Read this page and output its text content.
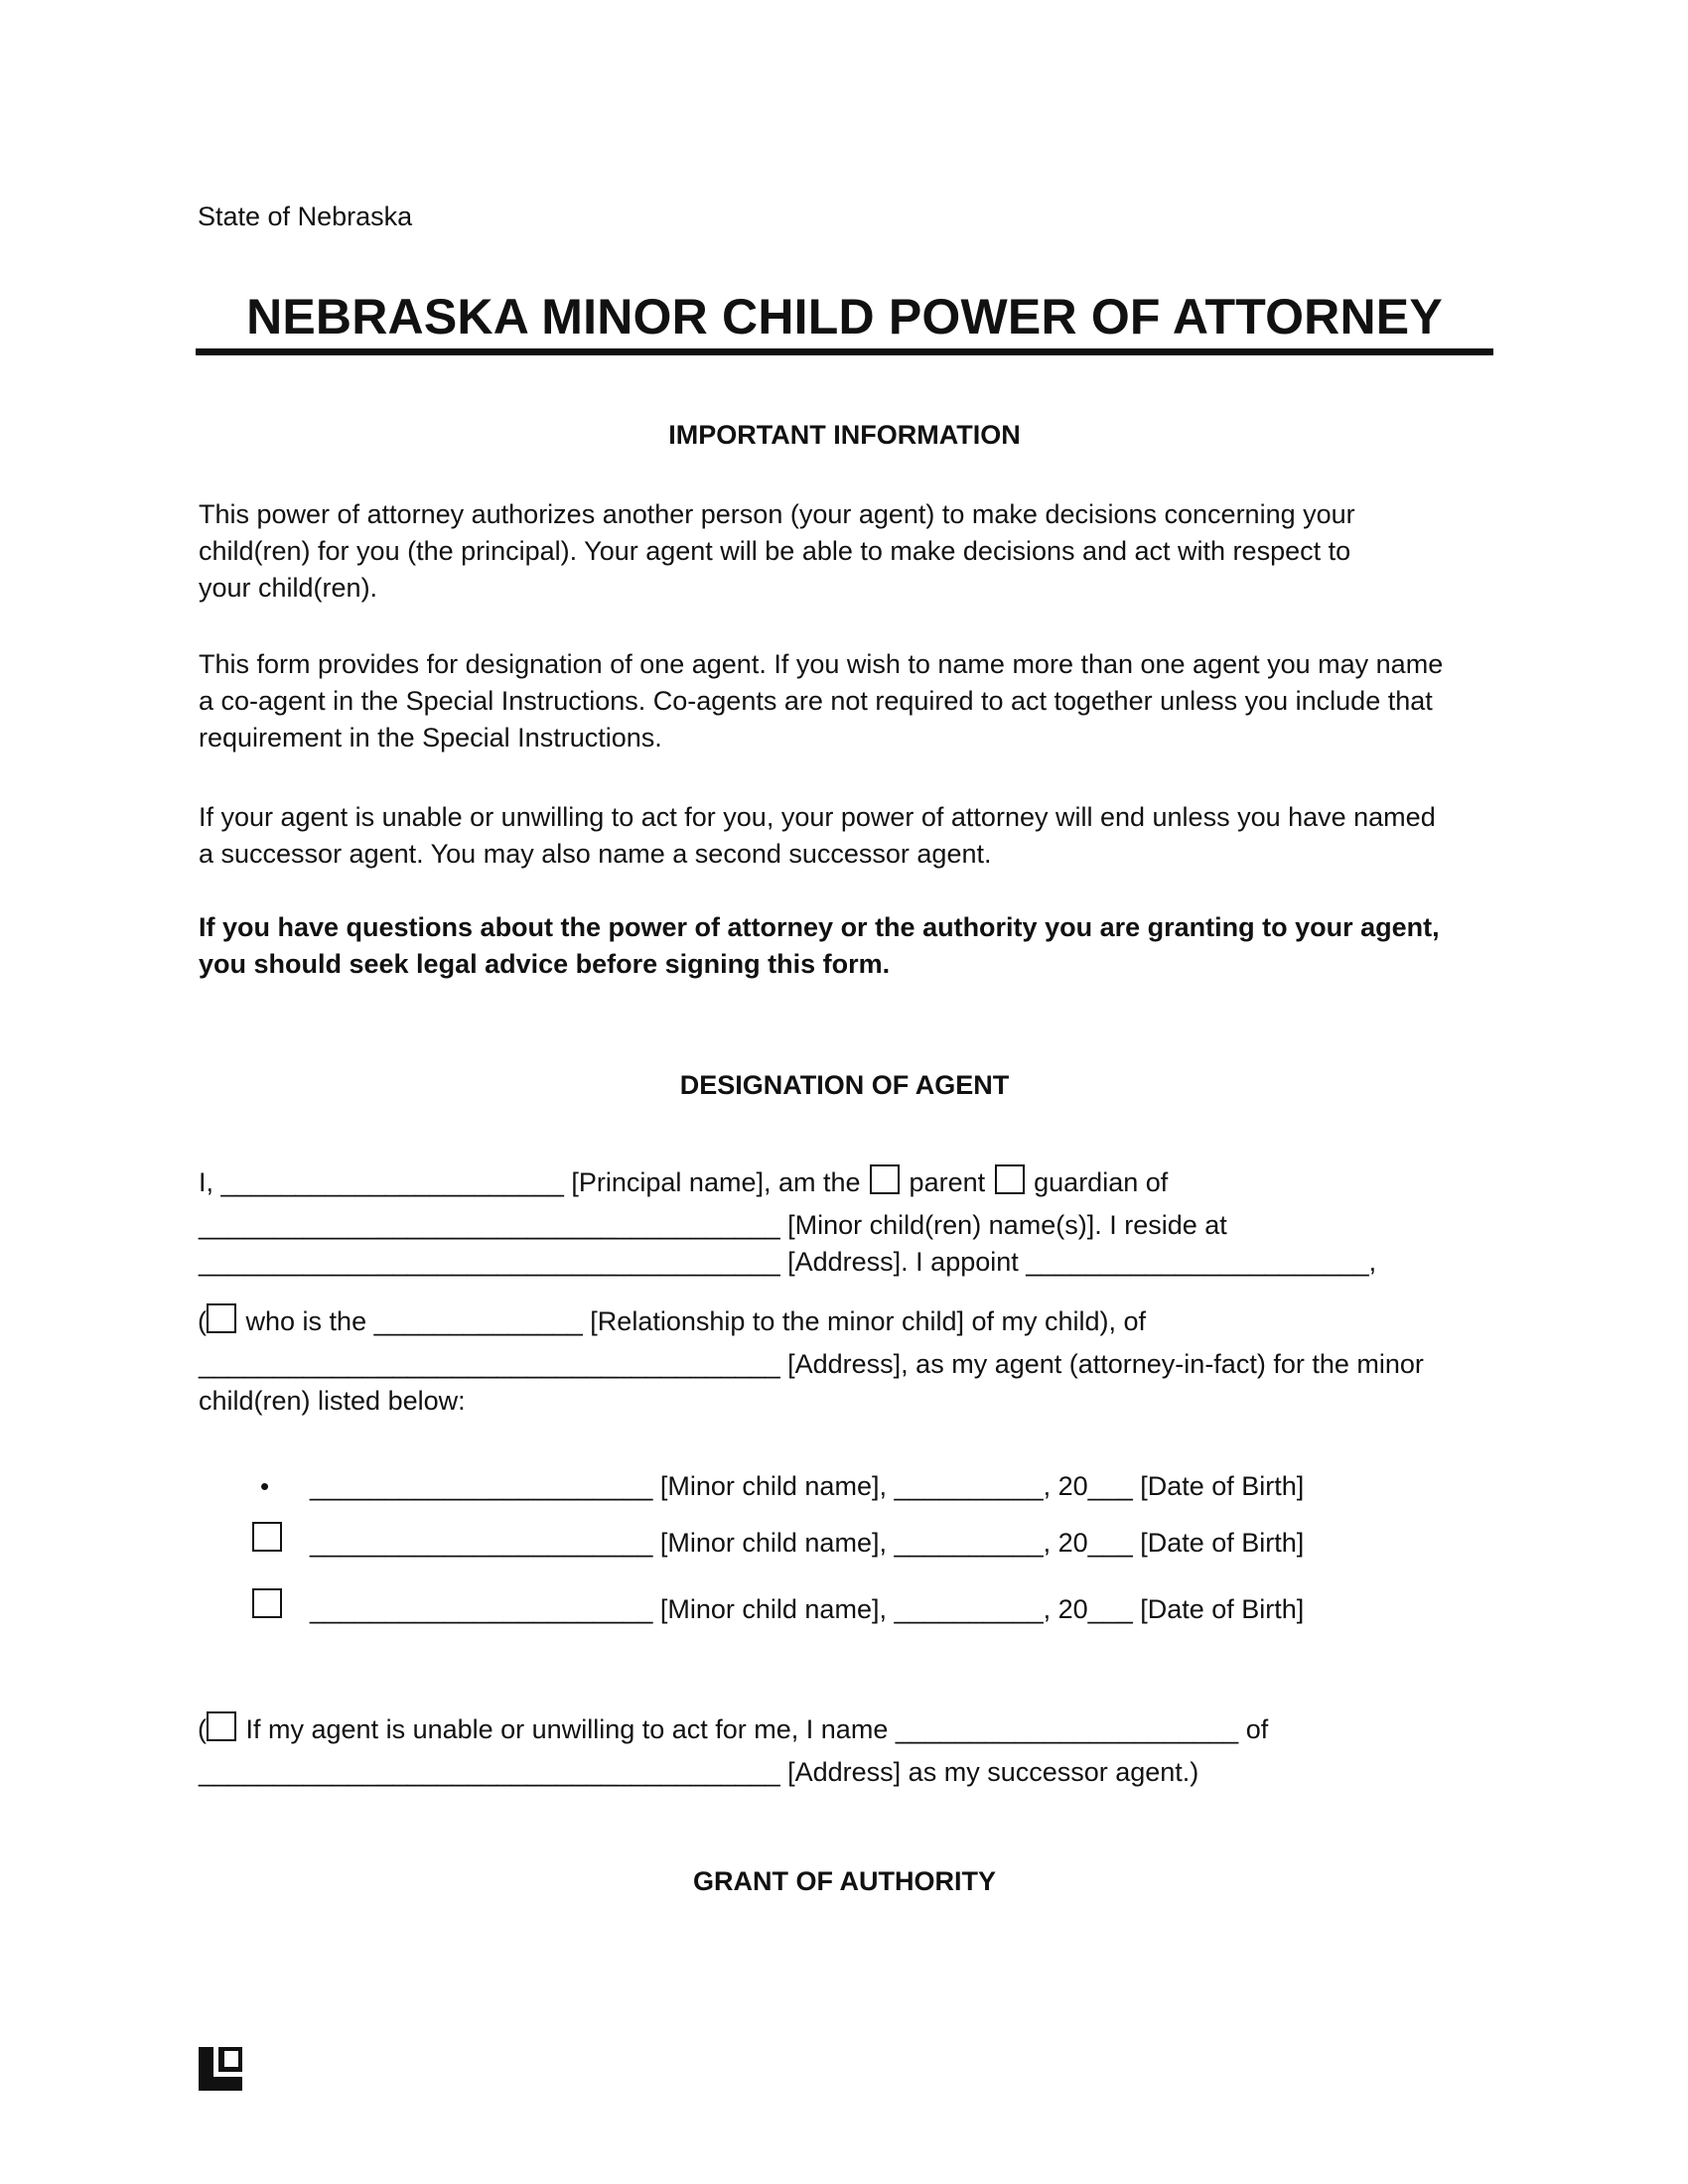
State of Nebraska
NEBRASKA MINOR CHILD POWER OF ATTORNEY
IMPORTANT INFORMATION
This power of attorney authorizes another person (your agent) to make decisions concerning your
child(ren) for you (the principal). Your agent will be able to make decisions and act with respect to
your child(ren).
This form provides for designation of one agent. If you wish to name more than one agent you may name
a co-agent in the Special Instructions. Co-agents are not required to act together unless you include that
requirement in the Special Instructions.
If your agent is unable or unwilling to act for you, your power of attorney will end unless you have named
a successor agent. You may also name a second successor agent.
If you have questions about the power of attorney or the authority you are granting to your agent,
you should seek legal advice before signing this form.
DESIGNATION OF AGENT
I, _______________________ [Principal name], am the parent guardian of
_______________________________________ [Minor child(ren) name(s)]. I reside at
_______________________________________ [Address]. I appoint _______________________,
( who is the ______________ [Relationship to the minor child] of my child), of
_______________________________________ [Address], as my agent (attorney-in-fact) for the minor
child(ren) listed below:
• _______________________ [Minor child name], __________, 20___ [Date of Birth]
_______________________ [Minor child name], __________, 20___ [Date of Birth]
_______________________ [Minor child name], __________, 20___ [Date of Birth]
( If my agent is unable or unwilling to act for me, I name _______________________ of
_______________________________________ [Address] as my successor agent.)
GRANT OF AUTHORITY
